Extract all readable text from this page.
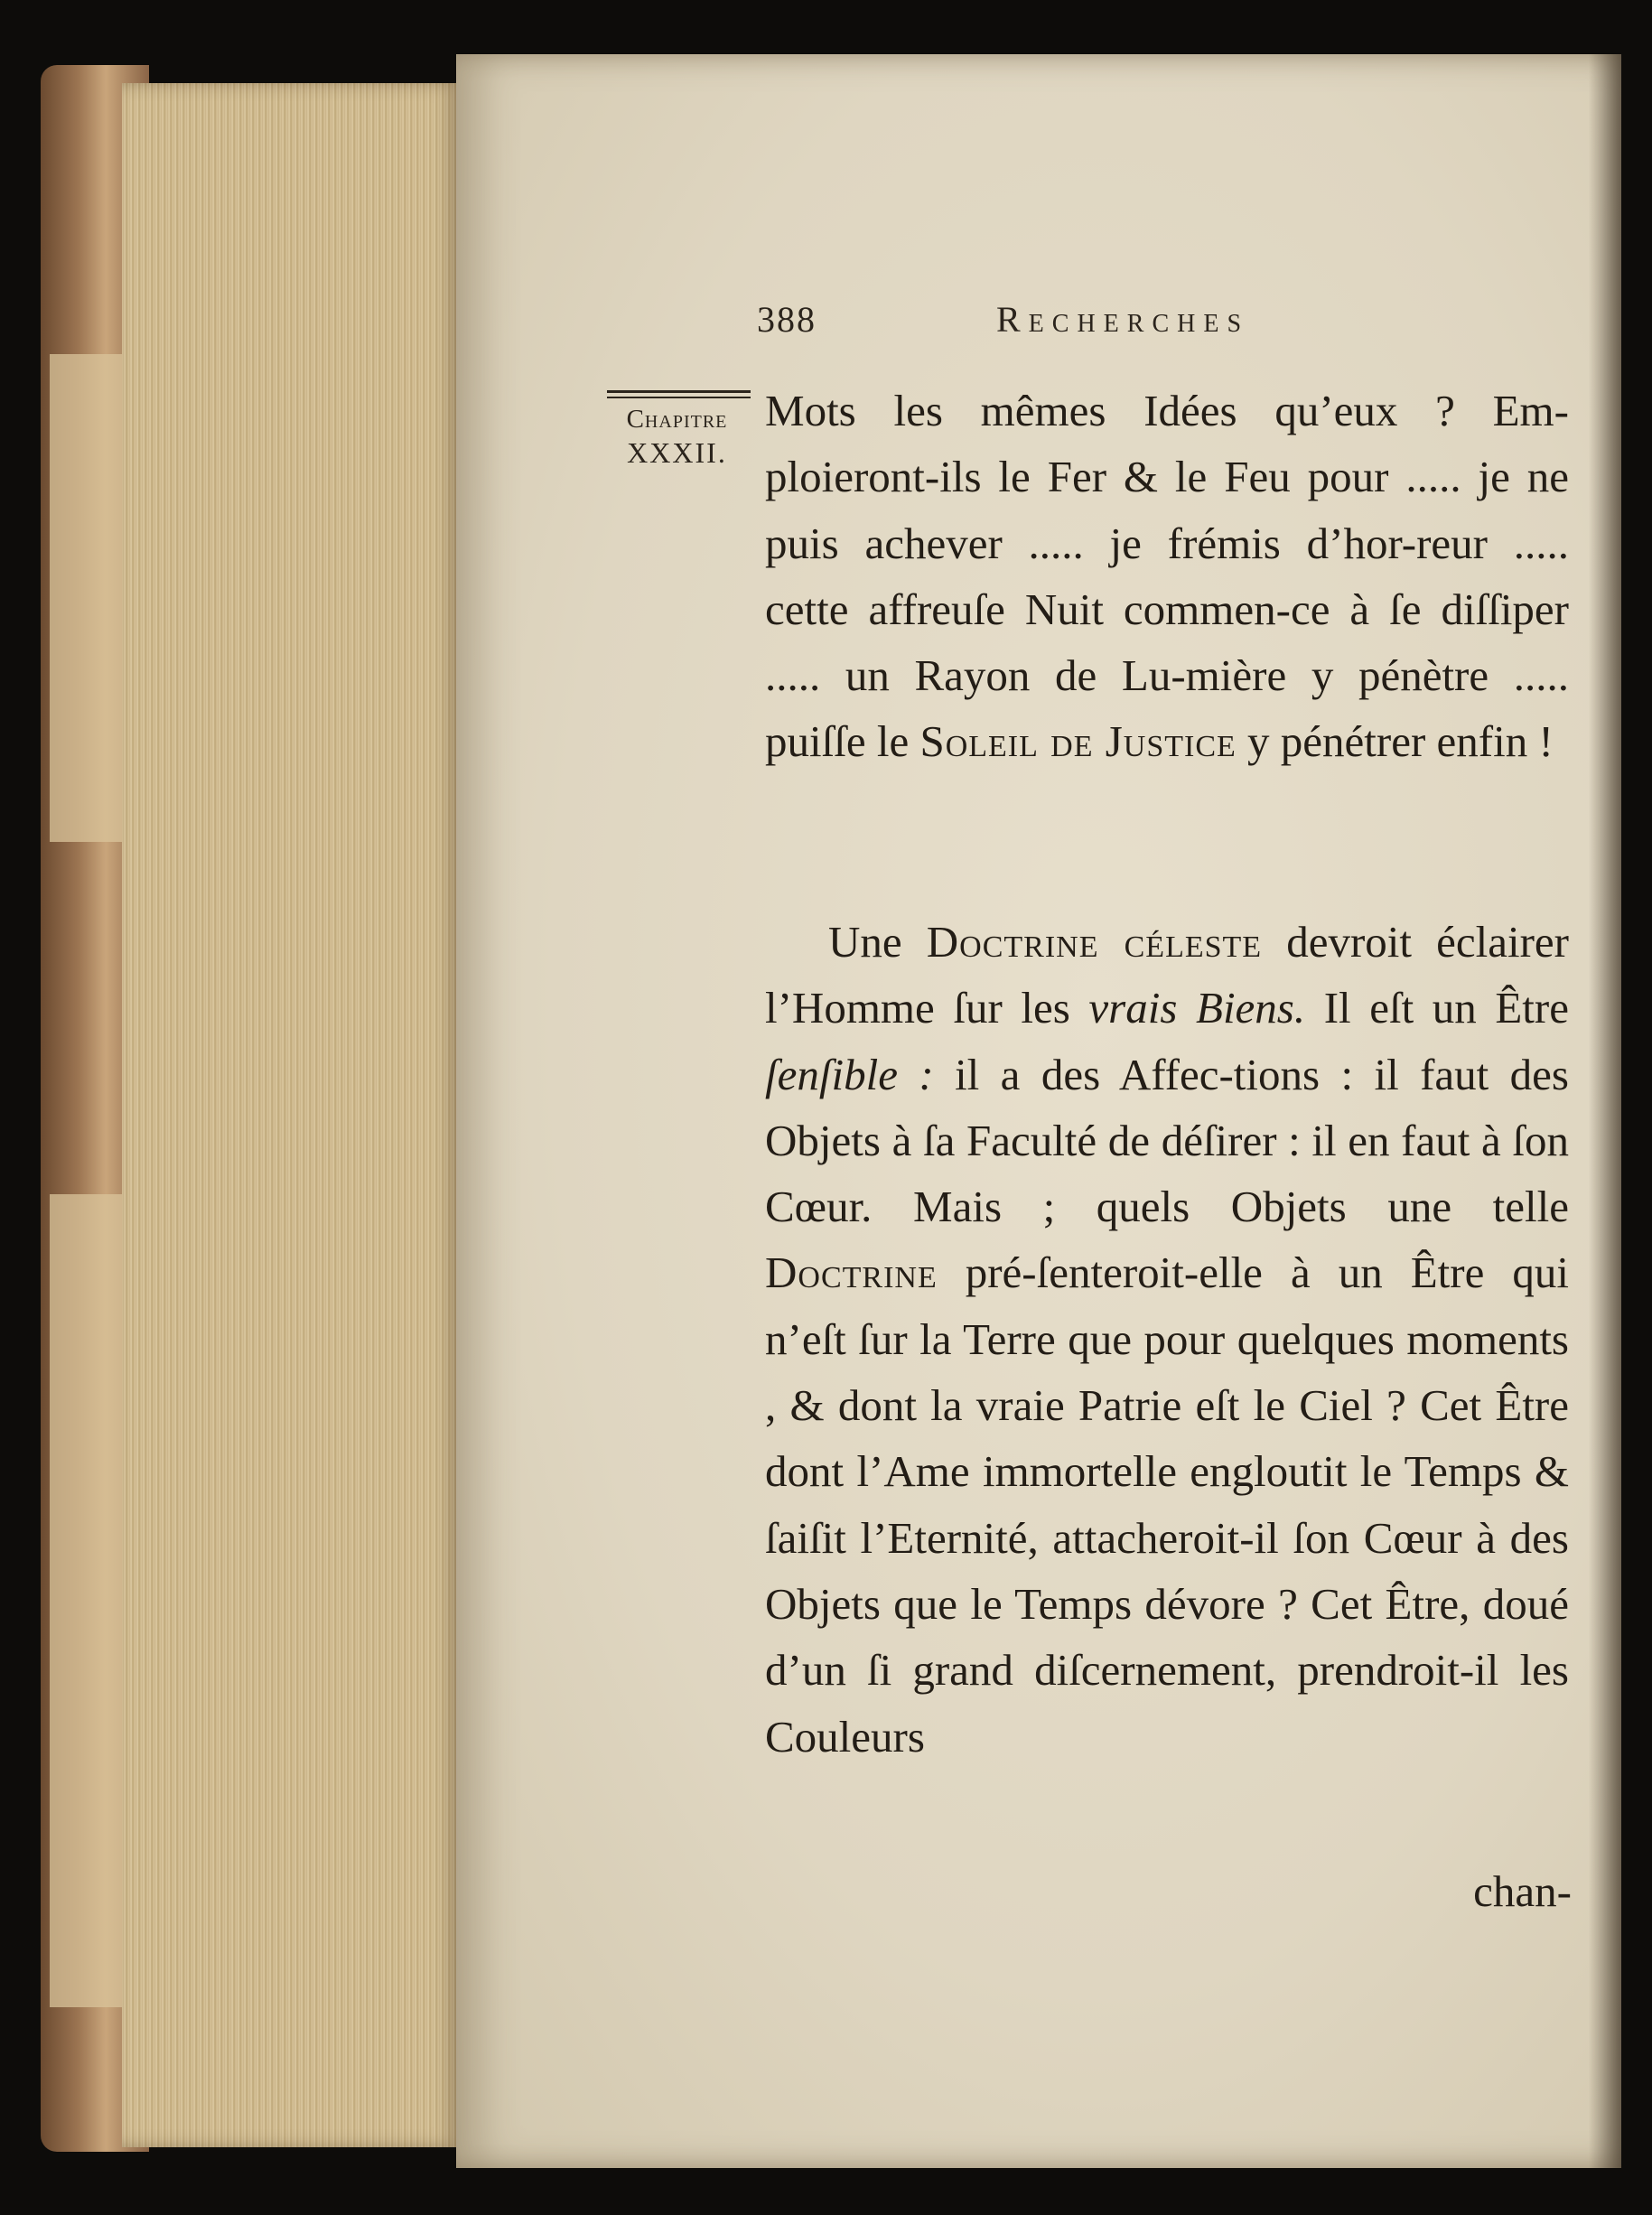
388	Recherches
Chapitre
XXXII.
Mots les mêmes Idées qu’eux ? Em-ploieront-ils le Fer & le Feu pour ..... je ne puis achever ..... je frémis d’hor-reur ..... cette affreuſe Nuit commen-ce à ſe diſſiper ..... un Rayon de Lu-mière y pénètre ..... puiſſe le Soleil de Justice y pénétrer enfin !
Une Doctrine céleste devroit éclairer l’Homme ſur les vrais Biens. Il eſt un Être ſenſible : il a des Affec-tions : il faut des Objets à ſa Faculté de déſirer : il en faut à ſon Cœur. Mais ; quels Objets une telle Doctrine pré-ſenteroit-elle à un Être qui n’eſt ſur la Terre que pour quelques moments , & dont la vraie Patrie eſt le Ciel ? Cet Être dont l’Ame immortelle engloutit le Temps & ſaiſit l’Eternité, attacheroit-il ſon Cœur à des Objets que le Temps dévore ? Cet Être, doué d’un ſi grand diſcernement, prendroit-il les Couleurs
chan-
